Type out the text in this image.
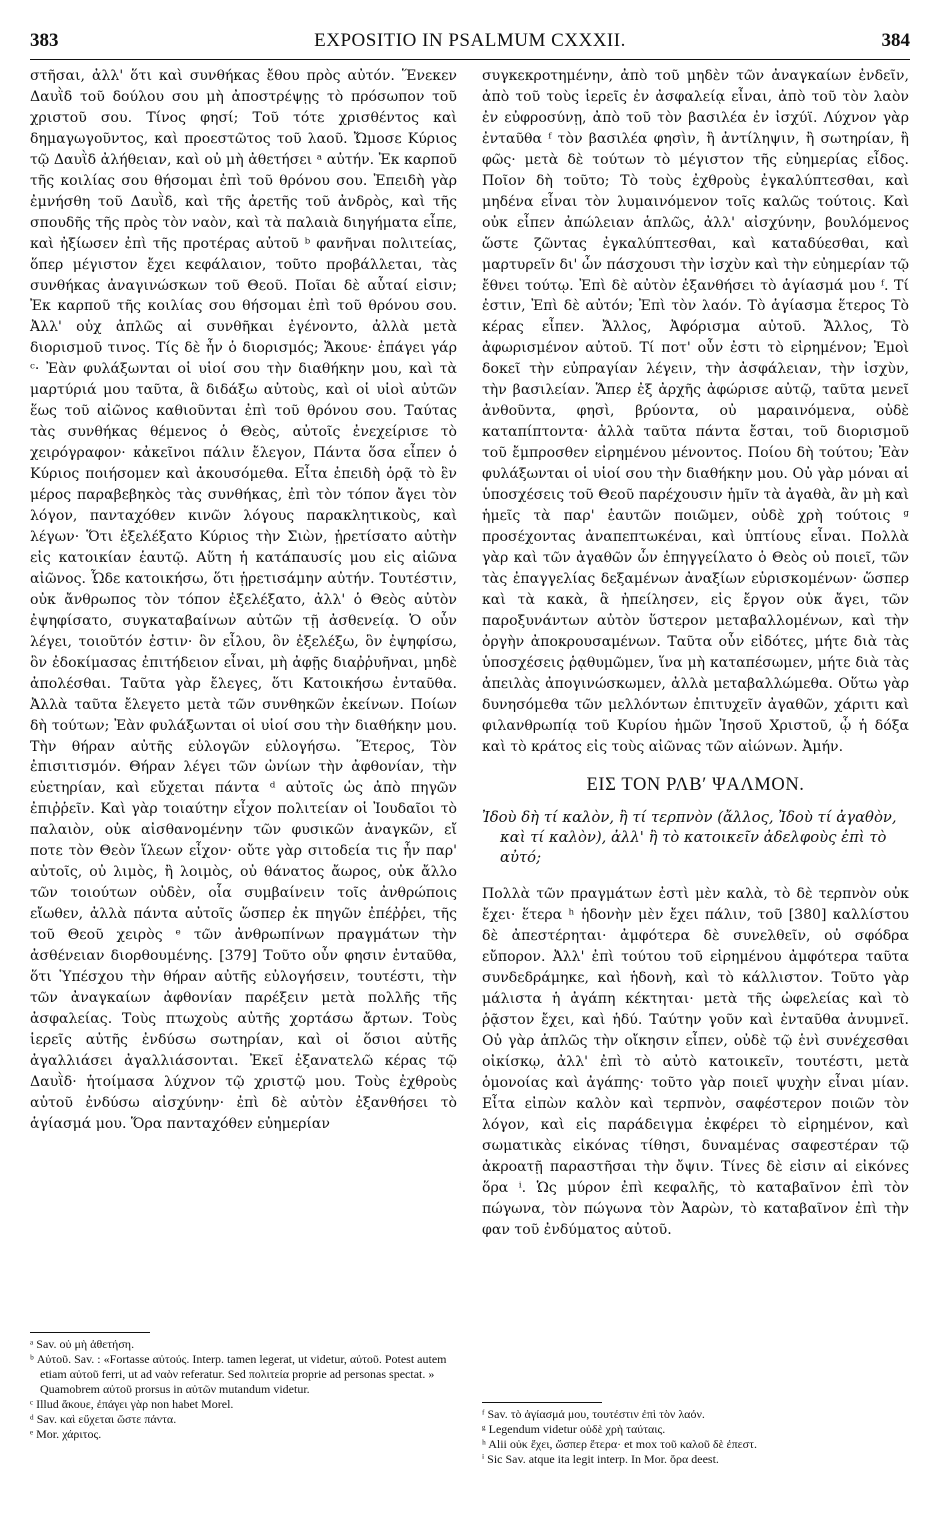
383	EXPOSITIO IN PSALMUM CXXXII.	384

στῆσαι, ἀλλ' ὅτι καὶ συνθήκας ἔθου πρὸς αὐτόν. Ἕνεκεν Δαυῒδ τοῦ δούλου σου μὴ ἀποστρέψῃς τὸ πρόσωπον τοῦ χριστοῦ σου. Τίνος φησί; Τοῦ τότε χρισθέντος καὶ δημαγωγοῦντος, καὶ προεστῶτος τοῦ λαοῦ. Ὤμοσε Κύριος τῷ Δαυῒδ ἀλήθειαν, καὶ οὐ μὴ ἀθετήσει ᵃ αὐτήν. Ἐκ καρποῦ τῆς κοιλίας σου θήσομαι ἐπὶ τοῦ θρόνου σου. Ἐπειδὴ γὰρ ἐμνήσθη τοῦ Δαυῒδ, καὶ τῆς ἀρετῆς τοῦ ἀνδρὸς, καὶ τῆς σπουδῆς τῆς πρὸς τὸν ναὸν, καὶ τὰ παλαιὰ διηγήματα εἶπε, καὶ ἠξίωσεν ἐπὶ τῆς προτέρας αὐτοῦ ᵇ φανῆναι πολιτείας, ὅπερ μέγιστον ἔχει κεφάλαιον, τοῦτο προβάλλεται, τὰς συνθήκας ἀναγινώσκων τοῦ Θεοῦ. Ποῖαι δὲ αὗταί εἰσιν; Ἐκ καρποῦ τῆς κοιλίας σου θήσομαι ἐπὶ τοῦ θρόνου σου. Ἀλλ' οὐχ ἁπλῶς αἱ συνθῆκαι ἐγένοντο, ἀλλὰ μετὰ διορισμοῦ τινος. Τίς δὲ ἦν ὁ διορισμός; Ἄκουε· ἐπάγει γάρ ᶜ· Ἐὰν φυλάξωνται οἱ υἱοί σου τὴν διαθήκην μου, καὶ τὰ μαρτύριά μου ταῦτα, ἃ διδάξω αὐτοὺς, καὶ οἱ υἱοὶ αὐτῶν ἕως τοῦ αἰῶνος καθιοῦνται ἐπὶ τοῦ θρόνου σου. Ταύτας τὰς συνθήκας θέμενος ὁ Θεὸς, αὐτοῖς ἐνεχείρισε τὸ χειρόγραφον· κἀκεῖνοι πάλιν ἔλεγον, Πάντα ὅσα εἶπεν ὁ Κύριος ποιήσομεν καὶ ἀκουσόμεθα. Εἶτα ἐπειδὴ ὁρᾷ τὸ ἓν μέρος παραβεβηκὸς τὰς συνθήκας, ἐπὶ τὸν τόπον ἄγει τὸν λόγον, πανταχόθεν κινῶν λόγους παρακλητικοὺς, καὶ λέγων· Ὅτι ἐξελέξατο Κύριος τὴν Σιὼν, ᾑρετίσατο αὐτὴν εἰς κατοικίαν ἑαυτῷ. Αὕτη ἡ κατάπαυσίς μου εἰς αἰῶνα αἰῶνος. Ὧδε κατοικήσω, ὅτι ᾑρετισάμην αὐτήν. Τουτέστιν, οὐκ ἄνθρωπος τὸν τόπον ἐξελέξατο, ἀλλ' ὁ Θεὸς αὐτὸν ἐψηφίσατο, συγκαταβαίνων αὐτῶν τῇ ἀσθενείᾳ. Ὁ οὖν λέγει, τοιοῦτόν ἐστιν· ὃν εἶλου, ὃν ἐξελέξω, ὃν ἐψηφίσω, ὃν ἐδοκίμασας ἐπιτήδειον εἶναι, μὴ ἀφῇς διαῤῥυῆναι, μηδὲ ἀπολέσθαι. Ταῦτα γὰρ ἔλεγες, ὅτι Κατοικήσω ἐνταῦθα. Ἀλλὰ ταῦτα ἔλεγετο μετὰ τῶν συνθηκῶν ἐκείνων. Ποίων δὴ τούτων; Ἐὰν φυλάξωνται οἱ υἱοί σου τὴν διαθήκην μου. Τὴν θήραν αὐτῆς εὐλογῶν εὐλογήσω. Ἕτερος, Τὸν ἐπισιτισμόν. Θήραν λέγει τῶν ὠνίων τὴν ἀφθονίαν, τὴν εὐετηρίαν, καὶ εὔχεται πάντα ᵈ αὐτοῖς ὡς ἀπὸ πηγῶν ἐπιῤῥεῖν. Καὶ γὰρ τοιαύτην εἶχον πολιτείαν οἱ Ἰουδαῖοι τὸ παλαιὸν, οὐκ αἰσθανομένην τῶν φυσικῶν ἀναγκῶν, εἴ ποτε τὸν Θεὸν ἵλεων εἶχον· οὔτε γὰρ σιτοδεία τις ἦν παρ' αὐτοῖς, οὐ λιμὸς, ἢ λοιμὸς, οὐ θάνατος ἄωρος, οὐκ ἄλλο τῶν τοιούτων οὐδὲν, οἷα συμβαίνειν τοῖς ἀνθρώποις εἴωθεν, ἀλλὰ πάντα αὐτοῖς ὥσπερ ἐκ πηγῶν ἐπέῤῥει, τῆς τοῦ Θεοῦ χειρὸς ᵉ τῶν ἀνθρωπίνων πραγμάτων τὴν ἀσθένειαν διορθουμένης. [379] Τοῦτο οὖν φησιν ἐνταῦθα, ὅτι Ὑπέσχου τὴν θήραν αὐτῆς εὐλογήσειν, τουτέστι, τὴν τῶν ἀναγκαίων ἀφθονίαν παρέξειν μετὰ πολλῆς τῆς ἀσφαλείας. Τοὺς πτωχοὺς αὐτῆς χορτάσω ἄρτων. Τοὺς ἱερεῖς αὐτῆς ἐνδύσω σωτηρίαν, καὶ οἱ ὅσιοι αὐτῆς ἀγαλλιάσει ἀγαλλιάσονται. Ἐκεῖ ἐξανατελῶ κέρας τῷ Δαυῒδ· ἡτοίμασα λύχνον τῷ χριστῷ μου. Τοὺς ἐχθροὺς αὐτοῦ ἐνδύσω αἰσχύνην· ἐπὶ δὲ αὐτὸν ἐξανθήσει τὸ ἁγίασμά μου. Ὅρα πανταχόθεν εὐημερίαν

συγκεκροτημένην, ἀπὸ τοῦ μηδὲν τῶν ἀναγκαίων ἐνδεῖν, ἀπὸ τοῦ τοὺς ἱερεῖς ἐν ἀσφαλείᾳ εἶναι, ἀπὸ τοῦ τὸν λαὸν ἐν εὐφροσύνῃ, ἀπὸ τοῦ τὸν βασιλέα ἐν ἰσχύϊ. Λύχνον γὰρ ἐνταῦθα ᶠ τὸν βασιλέα φησὶν, ἢ ἀντίληψιν, ἢ σωτηρίαν, ἢ φῶς· μετὰ δὲ τούτων τὸ μέγιστον τῆς εὐημερίας εἶδος. Ποῖον δὴ τοῦτο; Τὸ τοὺς ἐχθροὺς ἐγκαλύπτεσθαι, καὶ μηδένα εἶναι τὸν λυμαινόμενον τοῖς καλῶς τούτοις. Καὶ οὐκ εἶπεν ἀπώλειαν ἁπλῶς, ἀλλ' αἰσχύνην, βουλόμενος ὥστε ζῶντας ἐγκαλύπτεσθαι, καὶ καταδύεσθαι, καὶ μαρτυρεῖν δι' ὧν πάσχουσι τὴν ἰσχὺν καὶ τὴν εὐημερίαν τῷ ἔθνει τούτῳ. Ἐπὶ δὲ αὐτὸν ἐξανθήσει τὸ ἁγίασμά μου ᶠ. Τί ἐστιν, Ἐπὶ δὲ αὐτόν; Ἐπὶ τὸν λαόν. Τὸ ἁγίασμα ἕτερος Τὸ κέρας εἶπεν. Ἄλλος, Ἀφόρισμα αὐτοῦ. Ἄλλος, Τὸ ἀφωρισμένον αὐτοῦ. Τί ποτ' οὖν ἐστι τὸ εἰρημένον; Ἐμοὶ δοκεῖ τὴν εὐπραγίαν λέγειν, τὴν ἀσφάλειαν, τὴν ἰσχὺν, τὴν βασιλείαν. Ἅπερ ἐξ ἀρχῆς ἀφώρισε αὐτῷ, ταῦτα μενεῖ ἀνθοῦντα, φησὶ, βρύοντα, οὐ μαραινόμενα, οὐδὲ καταπίπτοντα· ἀλλὰ ταῦτα πάντα ἔσται, τοῦ διορισμοῦ τοῦ ἔμπροσθεν εἰρημένου μένοντος. Ποίου δὴ τούτου; Ἐὰν φυλάξωνται οἱ υἱοί σου τὴν διαθήκην μου. Οὐ γὰρ μόναι αἱ ὑποσχέσεις τοῦ Θεοῦ παρέχουσιν ἡμῖν τὰ ἀγαθὰ, ἂν μὴ καὶ ἡμεῖς τὰ παρ' ἑαυτῶν ποιῶμεν, οὐδὲ χρὴ τούτοις ᵍ προσέχοντας ἀναπεπτωκέναι, καὶ ὑπτίους εἶναι. Πολλὰ γὰρ καὶ τῶν ἀγαθῶν ὧν ἐπηγγείλατο ὁ Θεὸς οὐ ποιεῖ, τῶν τὰς ἐπαγγελίας δεξαμένων ἀναξίων εὑρισκομένων· ὥσπερ καὶ τὰ κακὰ, ἃ ἠπείλησεν, εἰς ἔργον οὐκ ἄγει, τῶν παροξυνάντων αὐτὸν ὕστερον μεταβαλλομένων, καὶ τὴν ὀργὴν ἀποκρουσαμένων. Ταῦτα οὖν εἰδότες, μήτε διὰ τὰς ὑποσχέσεις ῥᾳθυμῶμεν, ἵνα μὴ καταπέσωμεν, μήτε διὰ τὰς ἀπειλὰς ἀπογινώσκωμεν, ἀλλὰ μεταβαλλώμεθα. Οὕτω γὰρ δυνησόμεθα τῶν μελλόντων ἐπιτυχεῖν ἀγαθῶν, χάριτι καὶ φιλανθρωπίᾳ τοῦ Κυρίου ἡμῶν Ἰησοῦ Χριστοῦ, ᾧ ἡ δόξα καὶ τὸ κράτος εἰς τοὺς αἰῶνας τῶν αἰώνων. Ἀμήν.

ΕΙΣ ΤΟΝ ΡΛΒʹ ΨΑΛΜΟΝ.

Ἰδοὺ δὴ τί καλὸν, ἢ τί τερπνὸν (ἄλλος, Ἰδοὺ τί ἀγαθὸν, καὶ τί καλὸν), ἀλλ' ἢ τὸ κατοικεῖν ἀδελφοὺς ἐπὶ τὸ αὐτό;

Πολλὰ τῶν πραγμάτων ἐστὶ μὲν καλὰ, τὸ δὲ τερπνὸν οὐκ ἔχει· ἕτερα ʰ ἡδονὴν μὲν ἔχει πάλιν, τοῦ [380] καλλίστου δὲ ἀπεστέρηται· ἀμφότερα δὲ συνελθεῖν, οὐ σφόδρα εὔπορον. Ἀλλ' ἐπὶ τούτου τοῦ εἰρημένου ἀμφότερα ταῦτα συνδεδράμηκε, καὶ ἡδονὴ, καὶ τὸ κάλλιστον. Τοῦτο γὰρ μάλιστα ἡ ἀγάπη κέκτηται· μετὰ τῆς ὠφελείας καὶ τὸ ῥᾷστον ἔχει, καὶ ἡδύ. Ταύτην γοῦν καὶ ἐνταῦθα ἀνυμνεῖ. Οὐ γὰρ ἁπλῶς τὴν οἴκησιν εἶπεν, οὐδὲ τῷ ἑνὶ συνέχεσθαι οἰκίσκῳ, ἀλλ' ἐπὶ τὸ αὐτὸ κατοικεῖν, τουτέστι, μετὰ ὁμονοίας καὶ ἀγάπης· τοῦτο γὰρ ποιεῖ ψυχὴν εἶναι μίαν. Εἶτα εἰπὼν καλὸν καὶ τερπνὸν, σαφέστερον ποιῶν τὸν λόγον, καὶ εἰς παράδειγμα ἐκφέρει τὸ εἰρημένον, καὶ σωματικὰς εἰκόνας τίθησι, δυναμένας σαφεστέραν τῷ ἀκροατῇ παραστῆσαι τὴν ὄψιν. Τίνες δὲ εἰσιν αἱ εἰκόνες ὅρα ⁱ. Ὡς μύρον ἐπὶ κεφαλῆς, τὸ καταβαῖνον ἐπὶ τὸν πώγωνα, τὸν πώγωνα τὸν Ἀαρὼν, τὸ καταβαῖνον ἐπὶ τὴν φαν τοῦ ἐνδύματος αὐτοῦ.

ᵃ Sav. οὐ μὴ ἀθετήση.
ᵇ Αὐτοῦ. Sav. : «Fortasse αὐτούς. Interp. tamen legerat, ut videtur, αὐτοῦ. Potest autem etiam αὐτοῦ ferri, ut ad ναὸν referatur. Sed πολιτεία proprie ad personas spectat. » Quamobrem αὐτοῦ prorsus in αὐτῶν mutandum videtur.
ᶜ Illud ἄκουε, ἐπάγει γὰρ non habet Morel.
ᵈ Sav. καὶ εὔχεται ὥστε πάντα.
ᵉ Mor. χάριτος.
ᶠ Sav. τὸ ἁγίασμά μου, τουτέστιν ἐπὶ τὸν λαόν.
ᵍ Legendum videtur οὐδὲ χρὴ ταύταις.
ʰ Alii οὐκ ἔχει, ὥσπερ ἕτερα· et mox τοῦ καλοῦ δὲ ἐπεστ.
ⁱ Sic Sav. atque ita legit interp. In Mor. ὅρα deest.
